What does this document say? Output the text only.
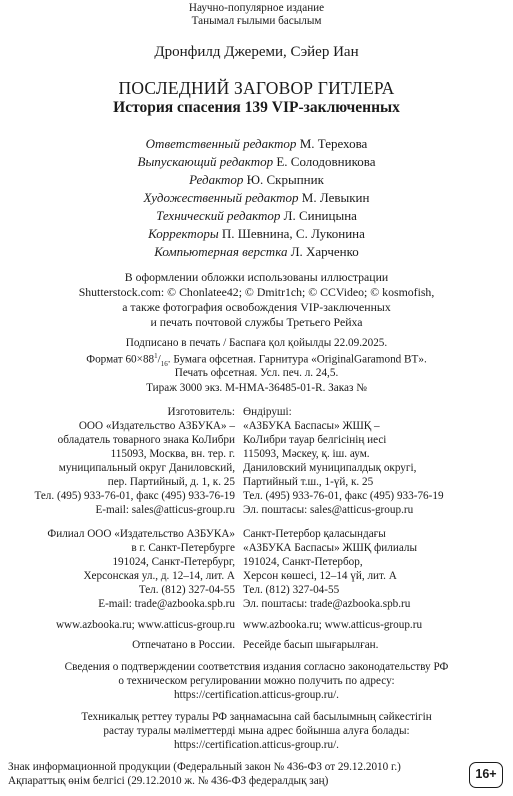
Научно-популярное издание
Танымал ғылыми басылым
Дронфилд Джереми, Сэйер Иан
ПОСЛЕДНИЙ ЗАГОВОР ГИТЛЕРА
История спасения 139 VIP-заключенных
Ответственный редактор М. Терехова
Выпускающий редактор Е. Солодовникова
Редактор Ю. Скрыпник
Художественный редактор М. Левыкин
Технический редактор Л. Синицына
Корректоры П. Шевнина, С. Луконина
Компьютерная верстка Л. Харченко
В оформлении обложки использованы иллюстрации
Shutterstock.com: © Chonlatee42; © Dmitr1ch; © CCVideo; © kosmofish,
а также фотография освобождения VIP-заключенных
и печать почтовой службы Третьего Рейха
Подписано в печать / Баспаға қол қойылды 22.09.2025.
Формат $60\times 88^1/_{16}$. Бумага офсетная. Гарнитура «OriginalGaramond BT».
Печать офсетная. Усл. печ. л. 24,5.
Тираж 3000 экз. М-НМА-36485-01-R. Заказ №
Изготовитель:
ООО «Издательство АЗБУКА» –
обладатель товарного знака КоЛибри
115093, Москва, вн. тер. г.
муниципальный округ Даниловский,
пер. Партийный, д. 1, к. 25
Тел. (495) 933-76-01, факс (495) 933-76-19
E-mail: sales@atticus-group.ru
Өндіруші:
«АЗБУКА Баспасы» ЖШҚ –
КоЛибри тауар белгісінің иесі
115093, Мәскеу, қ. іш. аум.
Даниловский муниципалдық округі,
Партийный т.ш., 1-үй, к. 25
Тел. (495) 933-76-01, факс (495) 933-76-19
Эл. поштасы: sales@atticus-group.ru
Филиал ООО «Издательство АЗБУКА»
в г. Санкт-Петербурге
191024, Санкт-Петербург,
Херсонская ул., д. 12–14, лит. А
Тел. (812) 327-04-55
E-mail: trade@azbooka.spb.ru
Санкт-Петербор қаласындағы
«АЗБУКА Баспасы» ЖШҚ филиалы
191024, Санкт-Петербор,
Херсон көшесі, 12–14 үй, лит. А
Тел. (812) 327-04-55
Эл. поштасы: trade@azbooka.spb.ru
www.azbooka.ru; www.atticus-group.ru www.azbooka.ru; www.atticus-group.ru
Отпечатано в России. Ресейде басып шығарылған.
Сведения о подтверждении соответствия издания согласно законодательству РФ
о техническом регулировании можно получить по адресу:
https://certification.atticus-group.ru/.
Техникалық реттеу туралы РФ заңнамасына сай басылымның сәйкестігін
растау туралы мәліметтерді мына адрес бойынша алуға болады:
https://certification.atticus-group.ru/.
Знак информационной продукции (Федеральный закон № 436-ФЗ от 29.12.2010 г.)
Ақпараттық өнім белгісі (29.12.2010 ж. № 436-ФЗ федералдық заң)	16+
